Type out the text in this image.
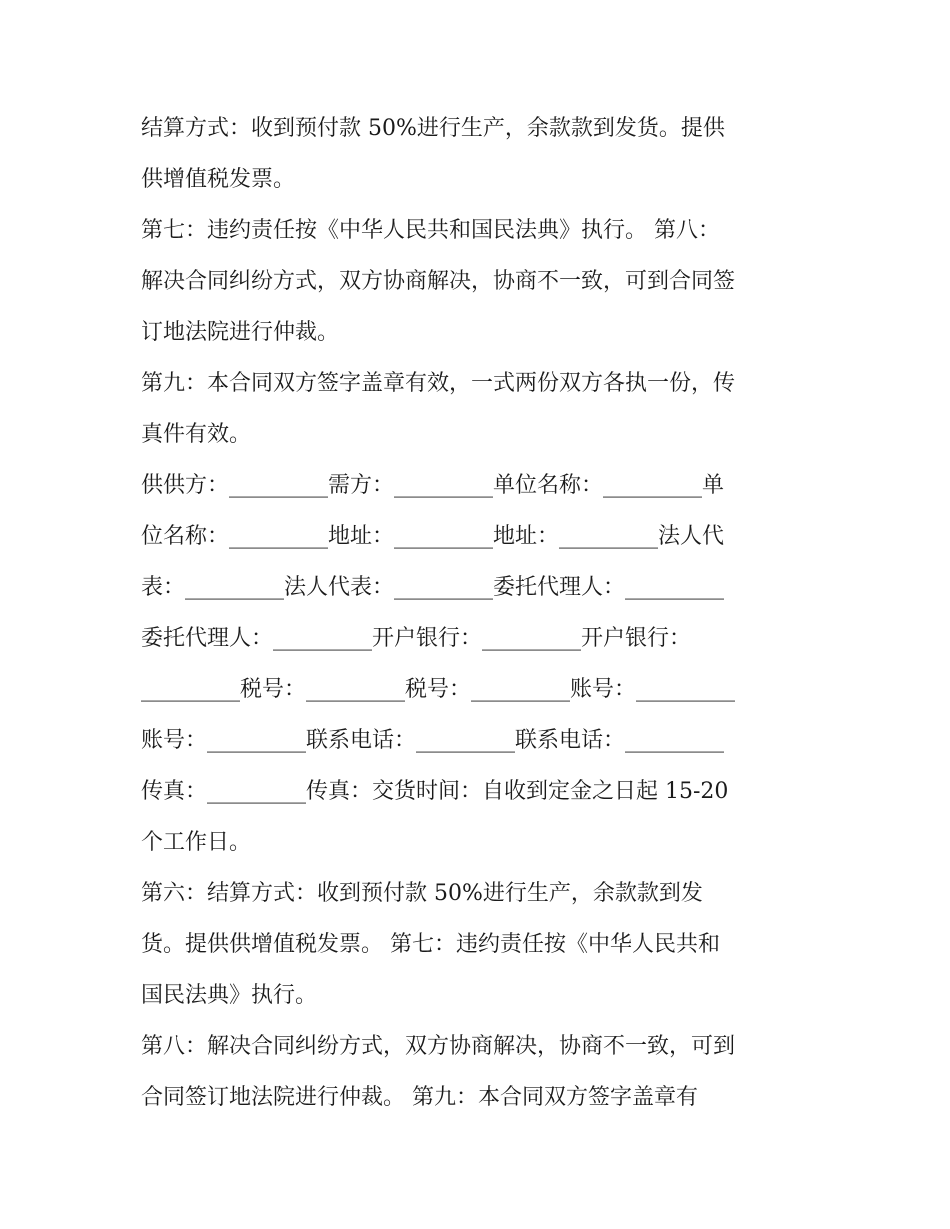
结算方式：收到预付款 50%进行生产，余款款到发货。提供
供增值税发票。
第七：违约责任按《中华人民共和国民法典》执行。 第八：
解决合同纠纷方式，双方协商解决，协商不一致，可到合同签
订地法院进行仲裁。
第九：本合同双方签字盖章有效，一式两份双方各执一份，传
真件有效。
供供方：_________需方：_________单位名称：_________单
位名称：_________地址：_________地址：_________法人代
表：_________法人代表：_________委托代理人：_________
委托代理人：_________开户银行：_________开户银行：
_________税号：_________税号：_________账号：_________
账号：_________联系电话：_________联系电话：_________
传真：_________传真：交货时间：自收到定金之日起 15-20
个工作日。
第六：结算方式：收到预付款 50%进行生产，余款款到发
货。提供供增值税发票。 第七：违约责任按《中华人民共和
国民法典》执行。
第八：解决合同纠纷方式，双方协商解决，协商不一致，可到
合同签订地法院进行仲裁。 第九：本合同双方签字盖章有
